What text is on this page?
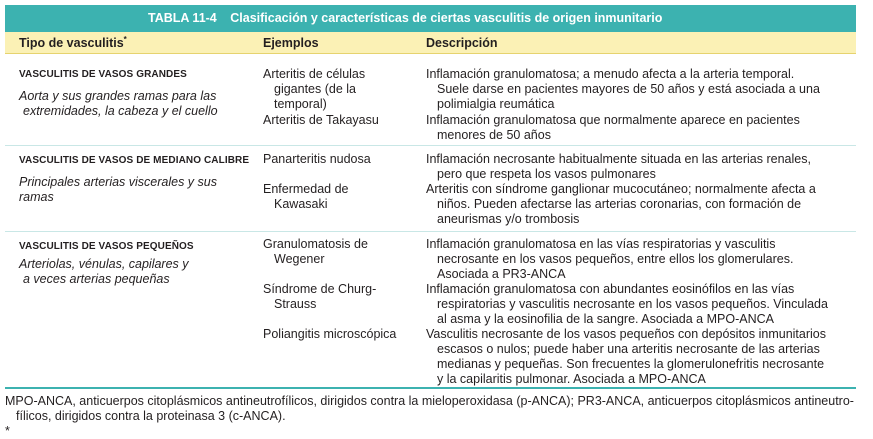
TABLA 11-4 Clasificación y características de ciertas vasculitis de origen inmunitario
Tipo de vasculitis*	Ejemplos	Descripción
VASCULITIS DE VASOS GRANDES
Aorta y sus grandes ramas para las
extremidades, la cabeza y el cuello
Arteritis de células
gigantes (de la
temporal)
Arteritis de Takayasu
Inflamación granulomatosa; a menudo afecta a la arteria temporal.
Suele darse en pacientes mayores de 50 años y está asociada a una
polimialgia reumática
Inflamación granulomatosa que normalmente aparece en pacientes
menores de 50 años
VASCULITIS DE VASOS DE MEDIANO CALIBRE
Principales arterias viscerales y sus
ramas
Panarteritis nudosa
Enfermedad de
Kawasaki
Inflamación necrosante habitualmente situada en las arterias renales,
pero que respeta los vasos pulmonares
Arteritis con síndrome ganglionar mucocutáneo; normalmente afecta a
niños. Pueden afectarse las arterias coronarias, con formación de
aneurismas y/o trombosis
VASCULITIS DE VASOS PEQUEÑOS
Arteriolas, vénulas, capilares y
a veces arterias pequeñas
Granulomatosis de
Wegener
Síndrome de Churg-
Strauss
Poliangitis microscópica
Inflamación granulomatosa en las vías respiratorias y vasculitis
necrosante en los vasos pequeños, entre ellos los glomerulares.
Asociada a PR3-ANCA
Inflamación granulomatosa con abundantes eosinófilos en las vías
respiratorias y vasculitis necrosante en los vasos pequeños. Vinculada
al asma y la eosinofilia de la sangre. Asociada a MPO-ANCA
Vasculitis necrosante de los vasos pequeños con depósitos inmunitarios
escasos o nulos; puede haber una arteritis necrosante de las arterias
medianas y pequeñas. Son frecuentes la glomerulonefritis necrosante
y la capilaritis pulmonar. Asociada a MPO-ANCA
MPO-ANCA, anticuerpos citoplásmicos antineutrofílicos, dirigidos contra la mieloperoxidasa (p-ANCA); PR3-ANCA, anticuerpos citoplásmicos antineutro-
fílicos, dirigidos contra la proteinasa 3 (c-ANCA).
*
